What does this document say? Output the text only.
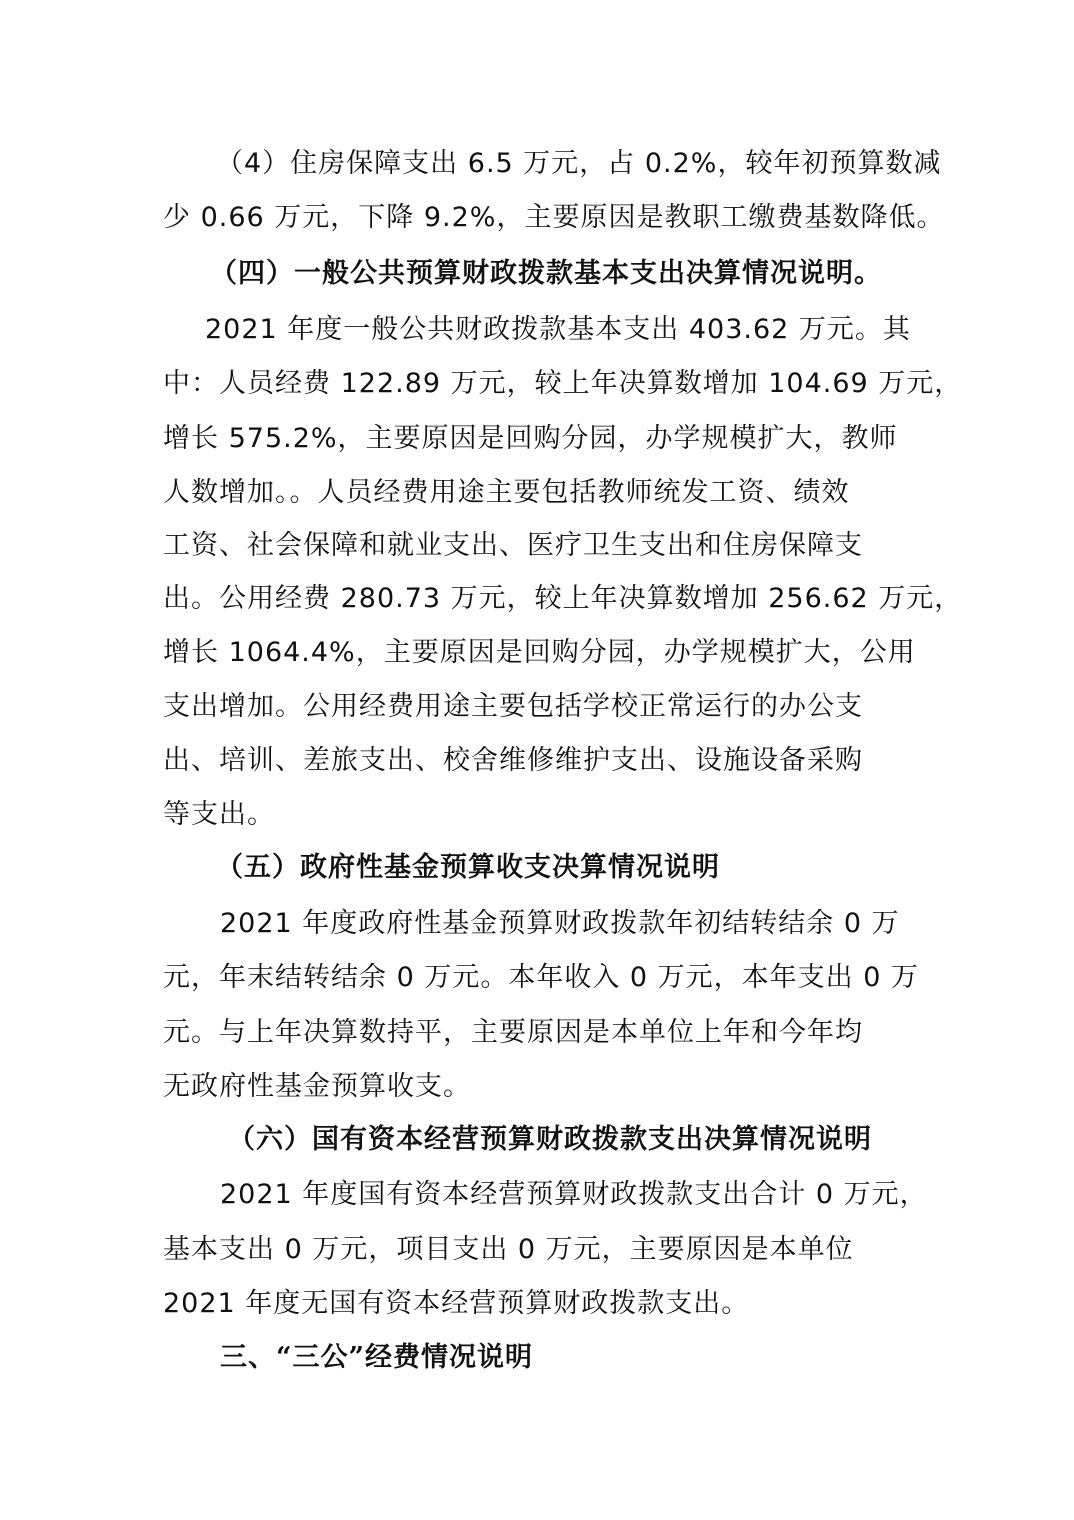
（4）住房保障支出 6.5 万元，占 0.2%，较年初预算数减
少 0.66 万元，下降 9.2%，主要原因是教职工缴费基数降低。
（四）一般公共预算财政拨款基本支出决算情况说明。
2021 年度一般公共财政拨款基本支出 403.62 万元。其
中：人员经费 122.89 万元，较上年决算数增加 104.69 万元，
增长 575.2%，主要原因是回购分园，办学规模扩大，教师
人数增加。。人员经费用途主要包括教师统发工资、绩效
工资、社会保障和就业支出、医疗卫生支出和住房保障支
出。公用经费 280.73 万元，较上年决算数增加 256.62 万元，
增长 1064.4%，主要原因是回购分园，办学规模扩大，公用
支出增加。公用经费用途主要包括学校正常运行的办公支
出、培训、差旅支出、校舍维修维护支出、设施设备采购
等支出。
（五）政府性基金预算收支决算情况说明
2021 年度政府性基金预算财政拨款年初结转结余 0 万
元，年末结转结余 0 万元。本年收入 0 万元，本年支出 0 万
元。与上年决算数持平，主要原因是本单位上年和今年均
无政府性基金预算收支。
（六）国有资本经营预算财政拨款支出决算情况说明
2021 年度国有资本经营预算财政拨款支出合计 0 万元，
基本支出 0 万元，项目支出 0 万元，主要原因是本单位
2021 年度无国有资本经营预算财政拨款支出。
三、“三公”经费情况说明
